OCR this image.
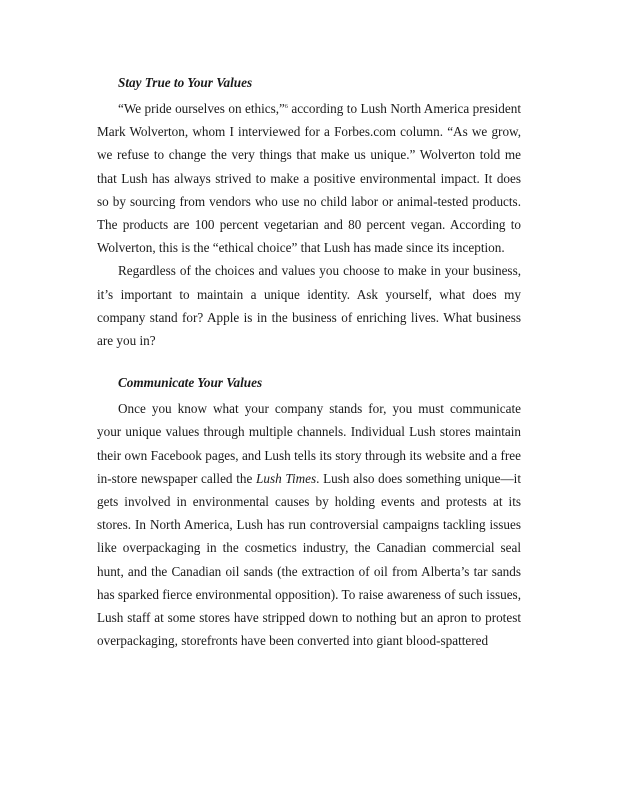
Stay True to Your Values

“We pride ourselves on ethics,”$^6$ according to Lush North America president Mark Wolverton, whom I interviewed for a Forbes.com column. “As we grow, we refuse to change the very things that make us unique.” Wolverton told me that Lush has always strived to make a positive environmental impact. It does so by sourcing from vendors who use no child labor or animal-tested products. The products are 100 percent vegetarian and 80 percent vegan. According to Wolverton, this is the “ethical choice” that Lush has made since its inception.

Regardless of the choices and values you choose to make in your business, it’s important to maintain a unique identity. Ask yourself, what does my company stand for? Apple is in the business of enriching lives. What business are you in?

Communicate Your Values

Once you know what your company stands for, you must communicate your unique values through multiple channels. Individual Lush stores maintain their own Facebook pages, and Lush tells its story through its website and a free in-store newspaper called the Lush Times. Lush also does something unique—it gets involved in environmental causes by holding events and protests at its stores. In North America, Lush has run controversial campaigns tackling issues like overpackaging in the cosmetics industry, the Canadian commercial seal hunt, and the Canadian oil sands (the extraction of oil from Alberta’s tar sands has sparked fierce environmental opposition). To raise awareness of such issues, Lush staff at some stores have stripped down to nothing but an apron to protest overpackaging, storefronts have been converted into giant blood-spattered
